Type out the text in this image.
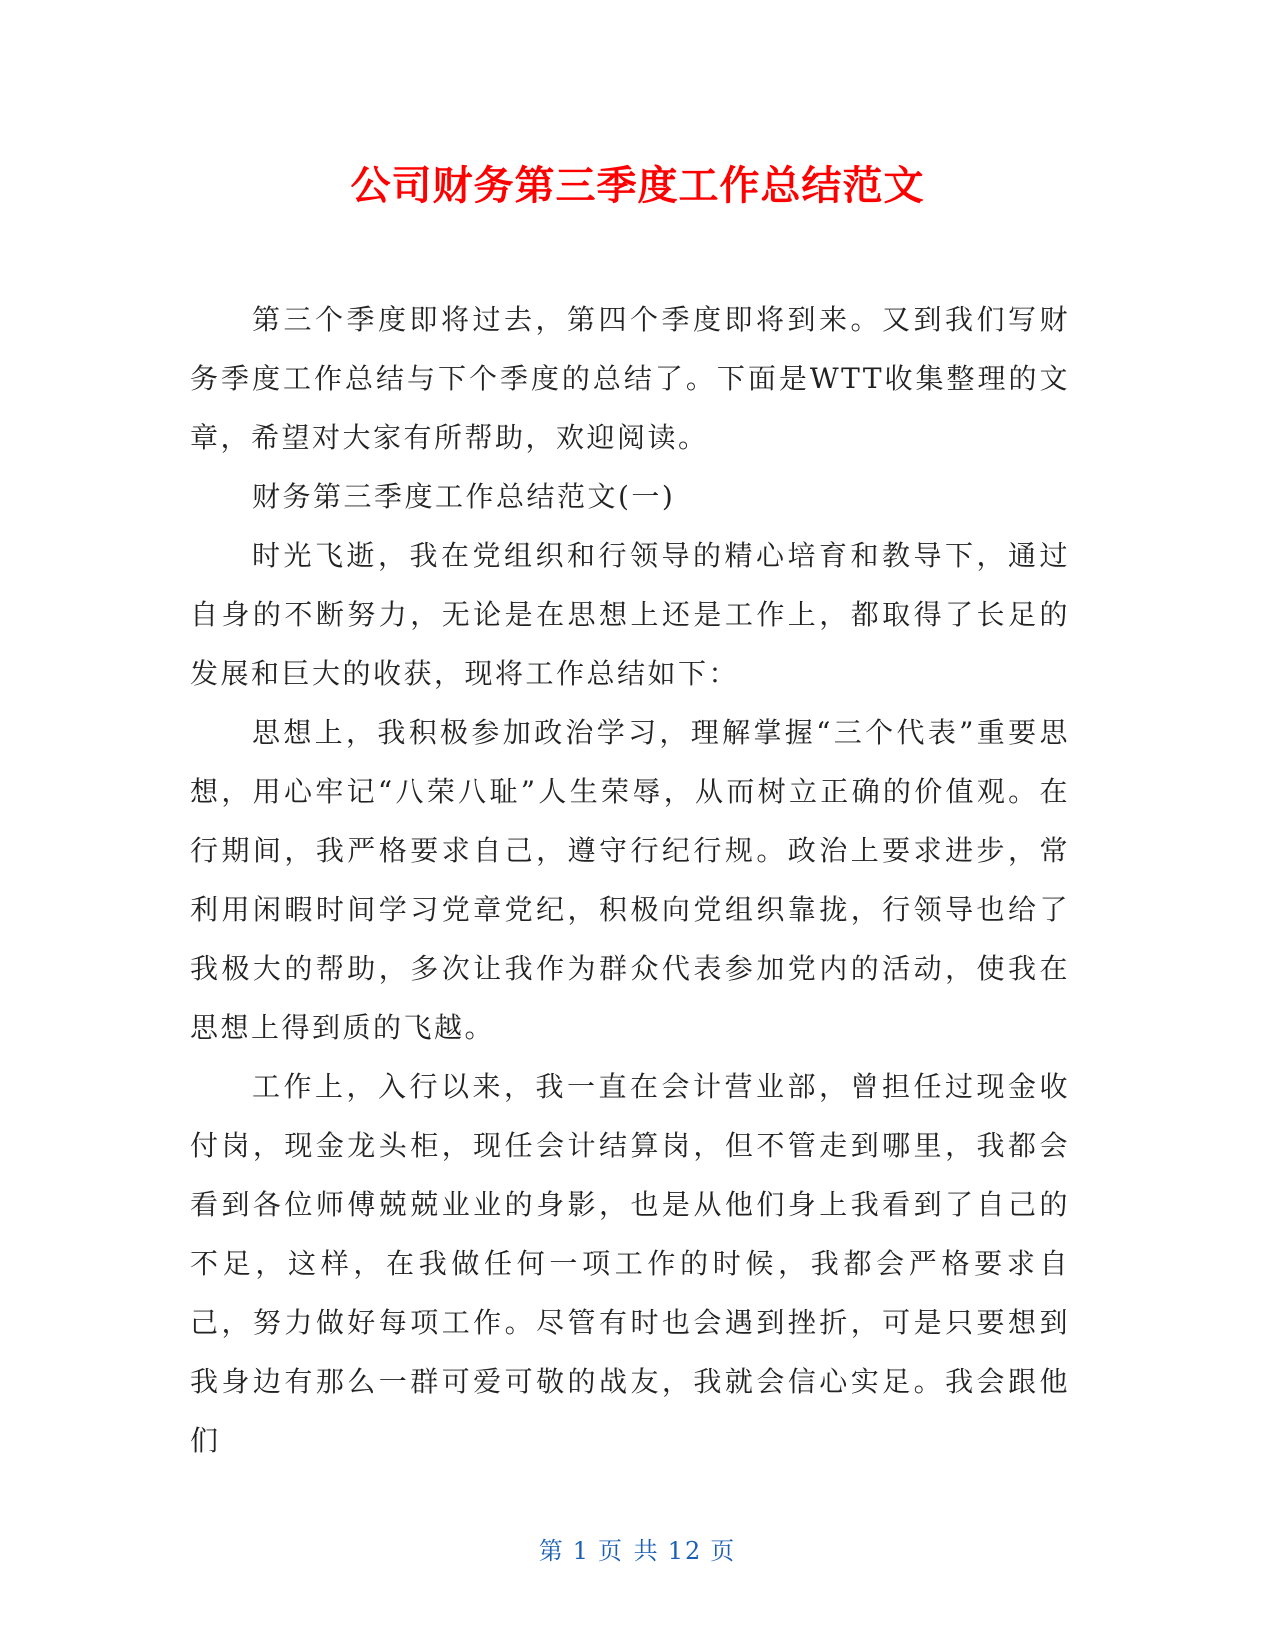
公司财务第三季度工作总结范文

第三个季度即将过去，第四个季度即将到来。又到我们写财务季度工作总结与下个季度的总结了。下面是WTT收集整理的文章，希望对大家有所帮助，欢迎阅读。

财务第三季度工作总结范文(一)

时光飞逝，我在党组织和行领导的精心培育和教导下，通过自身的不断努力，无论是在思想上还是工作上，都取得了长足的发展和巨大的收获，现将工作总结如下：

思想上，我积极参加政治学习，理解掌握“三个代表”重要思想，用心牢记“八荣八耻”人生荣辱，从而树立正确的价值观。在行期间，我严格要求自己，遵守行纪行规。政治上要求进步，常利用闲暇时间学习党章党纪，积极向党组织靠拢，行领导也给了我极大的帮助，多次让我作为群众代表参加党内的活动，使我在思想上得到质的飞越。

工作上，入行以来，我一直在会计营业部，曾担任过现金收付岗，现金龙头柜，现任会计结算岗，但不管走到哪里，我都会看到各位师傅兢兢业业的身影，也是从他们身上我看到了自己的不足，这样，在我做任何一项工作的时候，我都会严格要求自己，努力做好每项工作。尽管有时也会遇到挫折，可是只要想到我身边有那么一群可爱可敬的战友，我就会信心实足。我会跟他们

第 1 页 共 12 页
